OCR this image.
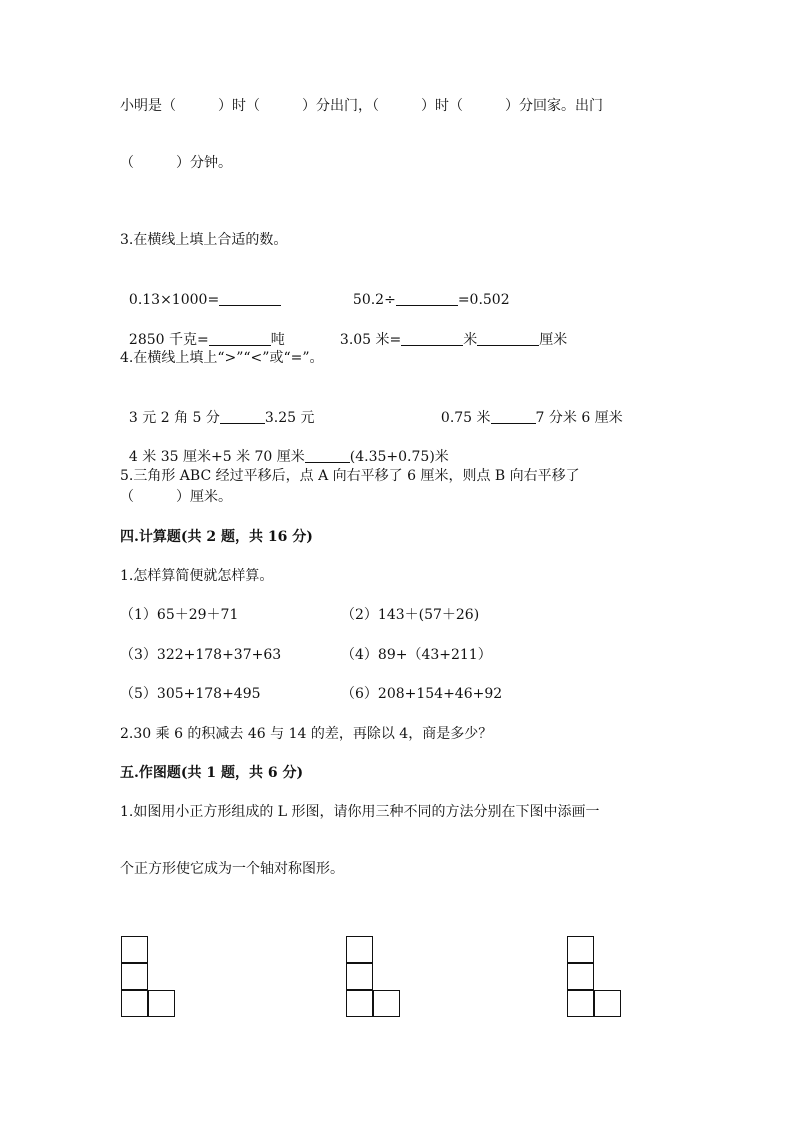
小明是（　　　）时（　　　）分出门，（　　　）时（　　　）分回家。出门
（　　　）分钟。
3.在横线上填上合适的数。

0.13×1000=	50.2÷	=0.502

2850 千克=	吨	3.05 米=	米	厘米

4.在横线上填上“>”“<”或“=”。

3 元 2 角 5 分	3.25 元	0.75 米	7 分米 6 厘米

4 米 35 厘米+5 米 70 厘米	(4.35+0.75)米

5.三角形 ABC 经过平移后，点 A 向右平移了 6 厘米，则点 B 向右平移了
（　　　）厘米。
四.计算题(共 2 题，共 16 分)
1.怎样算简便就怎样算。
（1）65＋29＋71	（2）143＋(57＋26)
（3）322+178+37+63	（4）89+（43+211）
（5）305+178+495	（6）208+154+46+92
2.30 乘 6 的积减去 46 与 14 的差，再除以 4，商是多少？
五.作图题(共 1 题，共 6 分)
1.如图用小正方形组成的 L 形图，请你用三种不同的方法分别在下图中添画一
个正方形使它成为一个轴对称图形。
